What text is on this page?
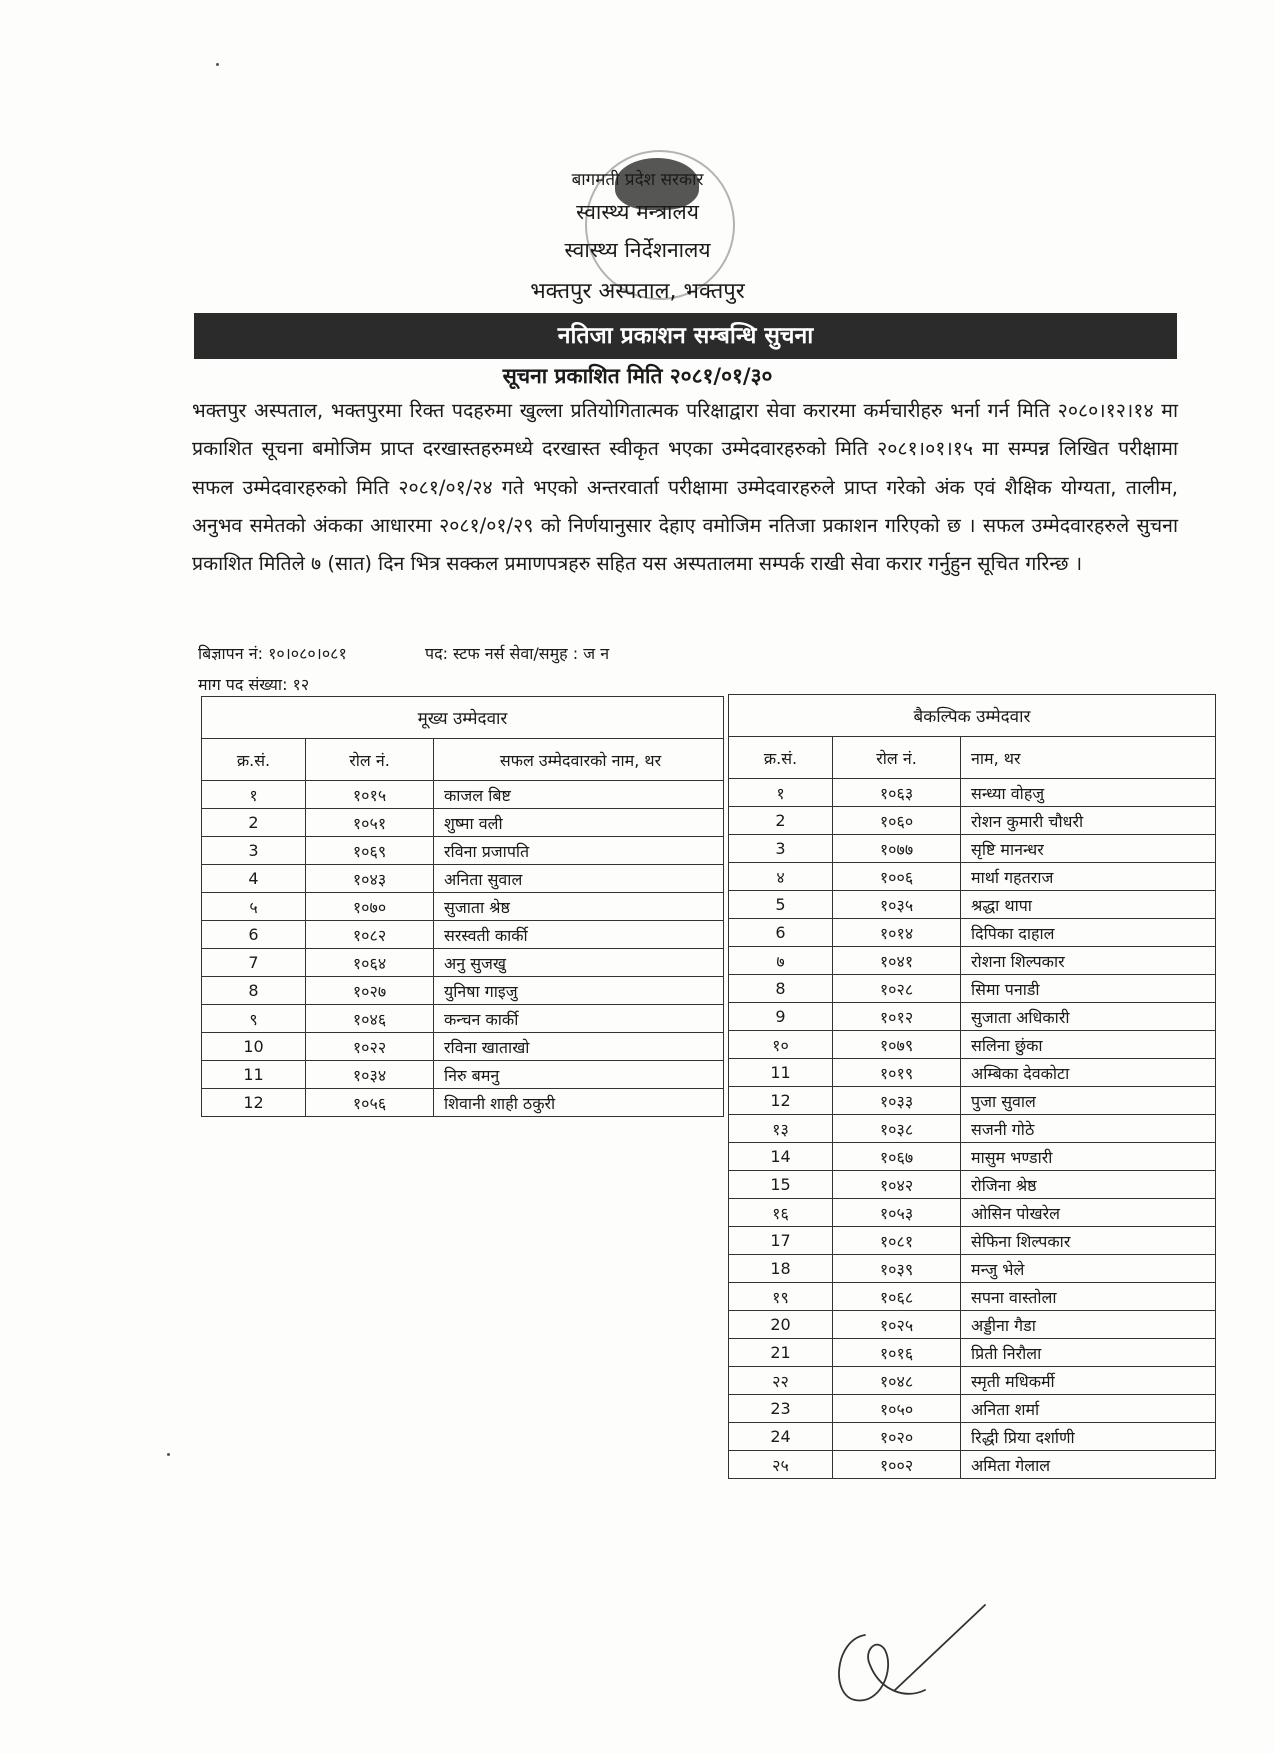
बागमती प्रदेश सरकार
स्वास्थ्य मन्त्रालय
स्वास्थ्य निर्देशनालय
भक्तपुर अस्पताल, भक्तपुर
नतिजा प्रकाशन सम्बन्धि सुचना
सूचना प्रकाशित मिति २०८१/०१/३०
भक्तपुर अस्पताल, भक्तपुरमा रिक्त पदहरुमा खुल्ला प्रतियोगितात्मक परिक्षाद्वारा सेवा करारमा कर्मचारीहरु भर्ना गर्न मिति २०८०।१२।१४ मा प्रकाशित सूचना बमोजिम प्राप्त दरखास्तहरुमध्ये दरखास्त स्वीकृत भएका उम्मेदवारहरुको मिति २०८१।०१।१५ मा सम्पन्न लिखित परीक्षामा सफल उम्मेदवारहरुको मिति २०८१/०१/२४ गते भएको अन्तरवार्ता परीक्षामा उम्मेदवारहरुले प्राप्त गरेको अंक एवं शैक्षिक योग्यता, तालीम, अनुभव समेतको अंकका आधारमा २०८१/०१/२९ को निर्णयानुसार देहाए वमोजिम नतिजा प्रकाशन गरिएको छ । सफल उम्मेदवारहरुले सुचना प्रकाशित मितिले ७ (सात) दिन भित्र सक्कल प्रमाणपत्रहरु सहित यस अस्पतालमा सम्पर्क राखी सेवा करार गर्नुहुन सूचित गरिन्छ ।
बिज्ञापन नं: १०।०८०।०८१	पद: स्टफ नर्स सेवा/समुह : ज न
माग पद संख्या: १२
मूख्य उम्मेदवार		
क्र.सं.	रोल नं.	सफल उम्मेदवारको नाम, थर
१	१०१५	काजल बिष्ट
2	१०५१	शुष्मा वली
3	१०६९	रविना प्रजापति
4	१०४३	अनिता सुवाल
५	१०७०	सुजाता श्रेष्ठ
6	१०८२	सरस्वती कार्की
7	१०६४	अनु सुजखु
8	१०२७	युनिषा गाइजु
९	१०४६	कन्चन कार्की
10	१०२२	रविना खाताखो
11	१०३४	निरु बमनु
12	१०५६	शिवानी शाही ठकुरी
बैकल्पिक उम्मेदवार		
क्र.सं.	रोल नं.	नाम, थर
१	१०६३	सन्ध्या वोहजु
2	१०६०	रोशन कुमारी चौधरी
3	१०७७	सृष्टि मानन्धर
४	१००६	मार्था गहतराज
5	१०३५	श्रद्धा थापा
6	१०१४	दिपिका दाहाल
७	१०४१	रोशना शिल्पकार
8	१०२८	सिमा पनाडी
9	१०१२	सुजाता अधिकारी
१०	१०७९	सलिना छुंका
11	१०१९	अम्बिका देवकोटा
12	१०३३	पुजा सुवाल
१३	१०३८	सजनी गोठे
14	१०६७	मासुम भण्डारी
15	१०४२	रोजिना श्रेष्ठ
१६	१०५३	ओसिन पोखरेल
17	१०८१	सेफिना शिल्पकार
18	१०३९	मन्जु भेले
१९	१०६८	सपना वास्तोला
20	१०२५	अड्डीना गैडा
21	१०१६	प्रिती निरौला
२२	१०४८	स्मृती मधिकर्मी
23	१०५०	अनिता शर्मा
24	१०२०	रिद्धी प्रिया दर्शाणी
२५	१००२	अमिता गेलाल
